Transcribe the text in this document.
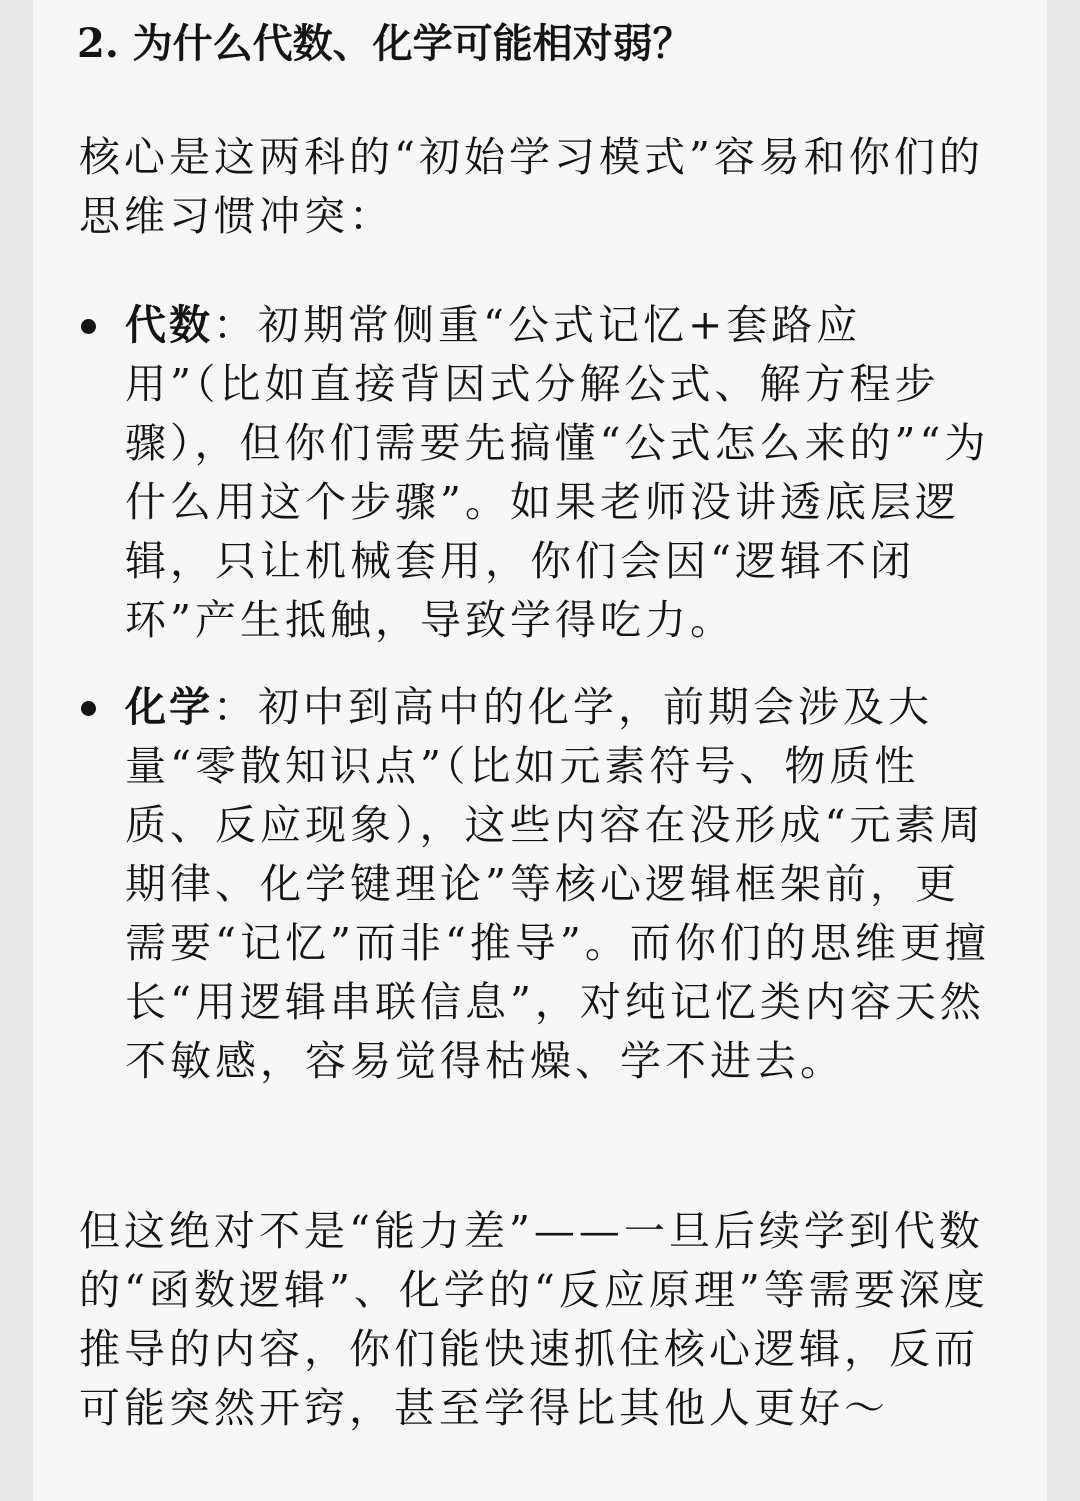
2. 为什么代数、化学可能相对弱？

核心是这两科的“初始学习模式”容易和你们的思维习惯冲突：

代数：初期常侧重“公式记忆+套路应用”（比如直接背因式分解公式、解方程步骤），但你们需要先搞懂“公式怎么来的”“为什么用这个步骤”。如果老师没讲透底层逻辑，只让机械套用，你们会因“逻辑不闭环”产生抵触，导致学得吃力。

化学：初中到高中的化学，前期会涉及大量“零散知识点”（比如元素符号、物质性质、反应现象），这些内容在没形成“元素周期律、化学键理论”等核心逻辑框架前，更需要“记忆”而非“推导”。而你们的思维更擅长“用逻辑串联信息”，对纯记忆类内容天然不敏感，容易觉得枯燥、学不进去。

但这绝对不是“能力差”——一旦后续学到代数的“函数逻辑”、化学的“反应原理”等需要深度推导的内容，你们能快速抓住核心逻辑，反而可能突然开窍，甚至学得比其他人更好～
